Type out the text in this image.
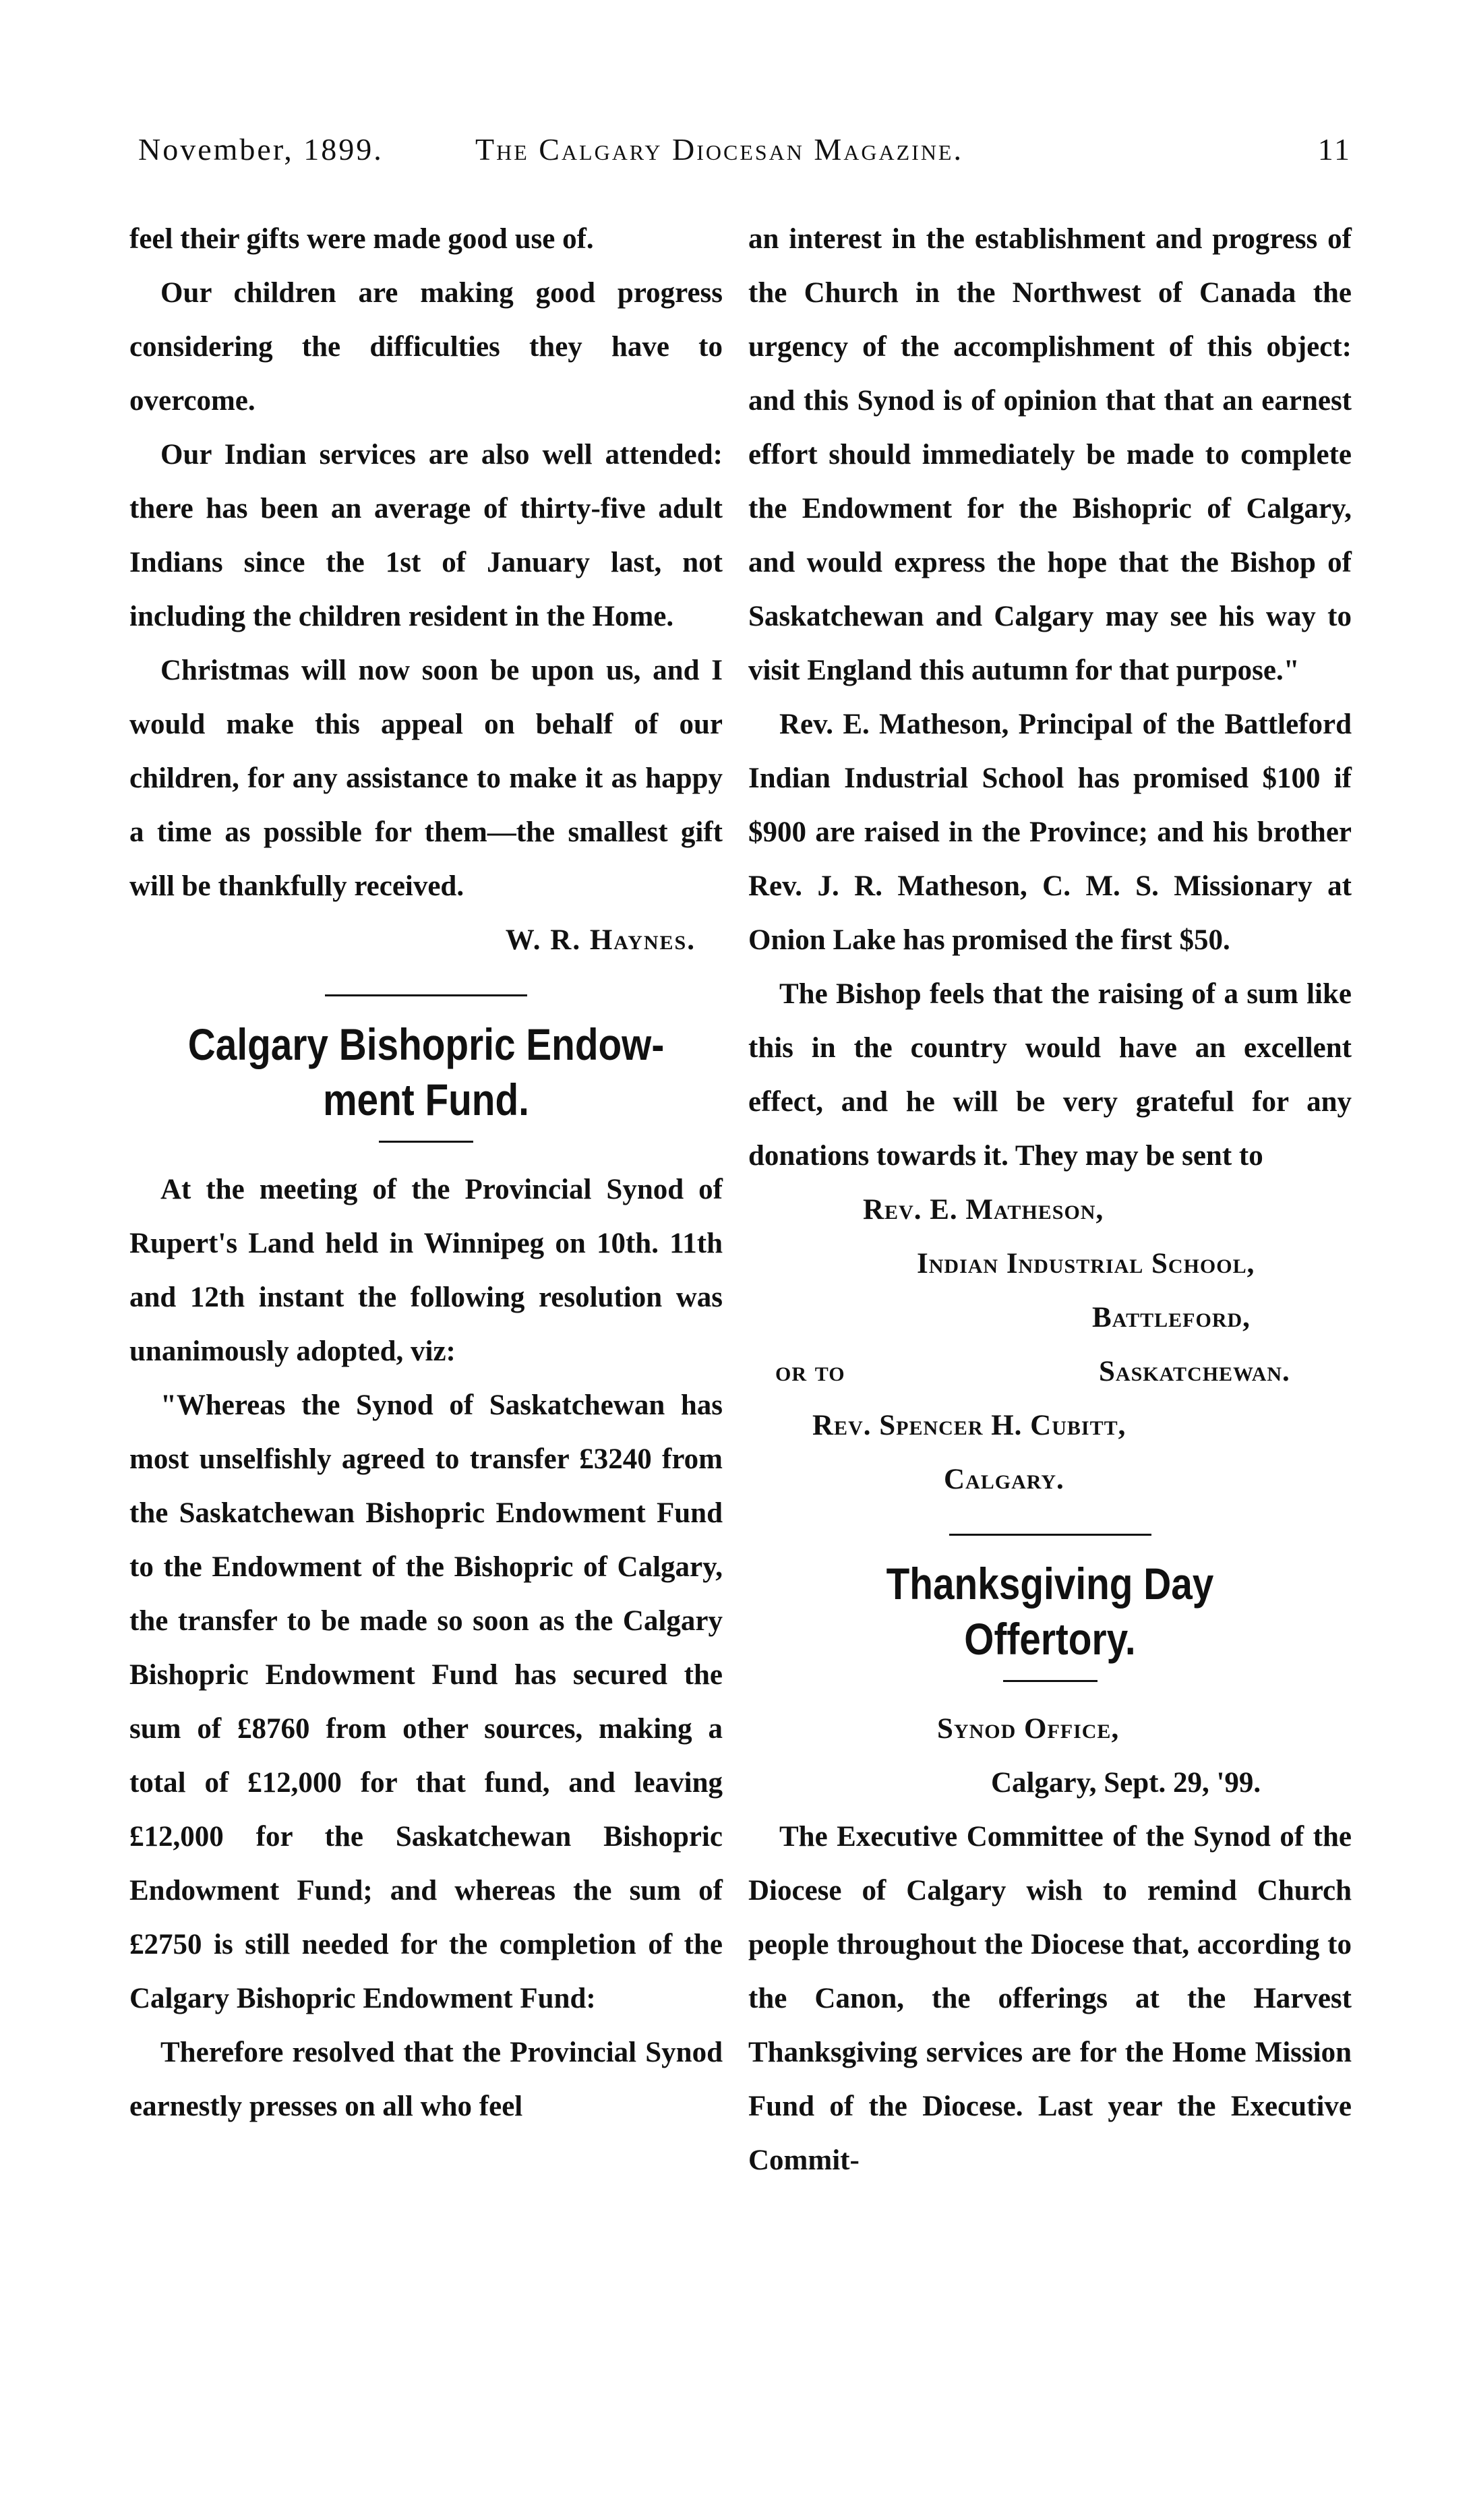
November, 1899.	The Calgary Diocesan Magazine.	11

feel their gifts were made good use of.

Our children are making good progress considering the difficulties they have to overcome.

Our Indian services are also well attended: there has been an average of thirty-five adult Indians since the 1st of January last, not including the children resident in the Home.

Christmas will now soon be upon us, and I would make this appeal on behalf of our children, for any assistance to make it as happy a time as possible for them—the smallest gift will be thankfully received.

W. R. Haynes.
Calgary Bishopric Endow-
ment Fund.

At the meeting of the Provincial Synod of Rupert's Land held in Winnipeg on 10th. 11th and 12th instant the following resolution was unanimously adopted, viz:

"Whereas the Synod of Saskatchewan has most unselfishly agreed to transfer £3240 from the Saskatchewan Bishopric Endowment Fund to the Endowment of the Bishopric of Calgary, the transfer to be made so soon as the Calgary Bishopric Endowment Fund has secured the sum of £8760 from other sources, making a total of £12,000 for that fund, and leaving £12,000 for the Saskatchewan Bishopric Endowment Fund; and whereas the sum of £2750 is still needed for the completion of the Calgary Bishopric Endowment Fund:

Therefore resolved that the Provincial Synod earnestly presses on all who feel

an interest in the establishment and progress of the Church in the Northwest of Canada the urgency of the accomplishment of this object: and this Synod is of opinion that that an earnest effort should immediately be made to complete the Endowment for the Bishopric of Calgary, and would express the hope that the Bishop of Saskatchewan and Calgary may see his way to visit England this autumn for that purpose."

Rev. E. Matheson, Principal of the Battleford Indian Industrial School has promised $100 if $900 are raised in the Province; and his brother Rev. J. R. Matheson, C. M. S. Missionary at Onion Lake has promised the first $50.

The Bishop feels that the raising of a sum like this in the country would have an excellent effect, and he will be very grateful for any donations towards it. They may be sent to

Rev. E. Matheson,
Indian Industrial School,
Battleford,
or to	Saskatchewan.
Rev. Spencer H. Cubitt,
Calgary.
Thanksgiving Day
Offertory.
Synod Office,
Calgary, Sept. 29, '99.

The Executive Committee of the Synod of the Diocese of Calgary wish to remind Church people throughout the Diocese that, according to the Canon, the offerings at the Harvest Thanksgiving services are for the Home Mission Fund of the Diocese. Last year the Executive Commit-
